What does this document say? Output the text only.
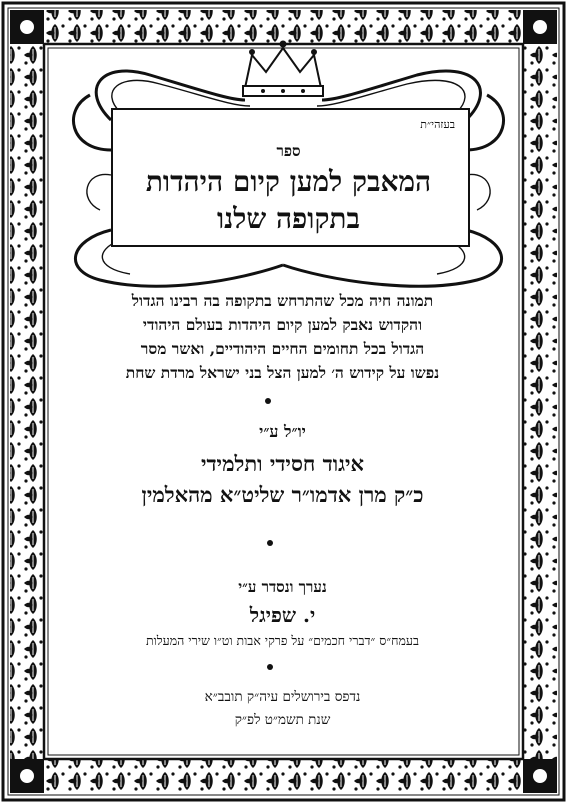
בעזהי״ת
ספר
המאבק למען קיום היהדות
בתקופה שלנו
תמונה חיה מכל שהתרחש בתקופה בה רבינו הגדול
והקדוש נאבק למען קיום היהדות בעולם היהודי
הגדול בכל תחומים החיים היהודיים, ואשר מסר
נפשו על קידוש ה׳ למען הצל בני ישראל מרדת שחת
יו״ל ע״י
איגוד חסידי ותלמידי
כ״ק מרן אדמו״ר שליט״א מהאלמין
נערך ונסדר ע״י
י. שפיגל
בעמח״ס ״דברי חכמים״ על פרקי אבות וט״ו שירי המעלות
נדפס בירושלים עיה״ק תובב״א
שנת תשמ״ט לפ״ק
